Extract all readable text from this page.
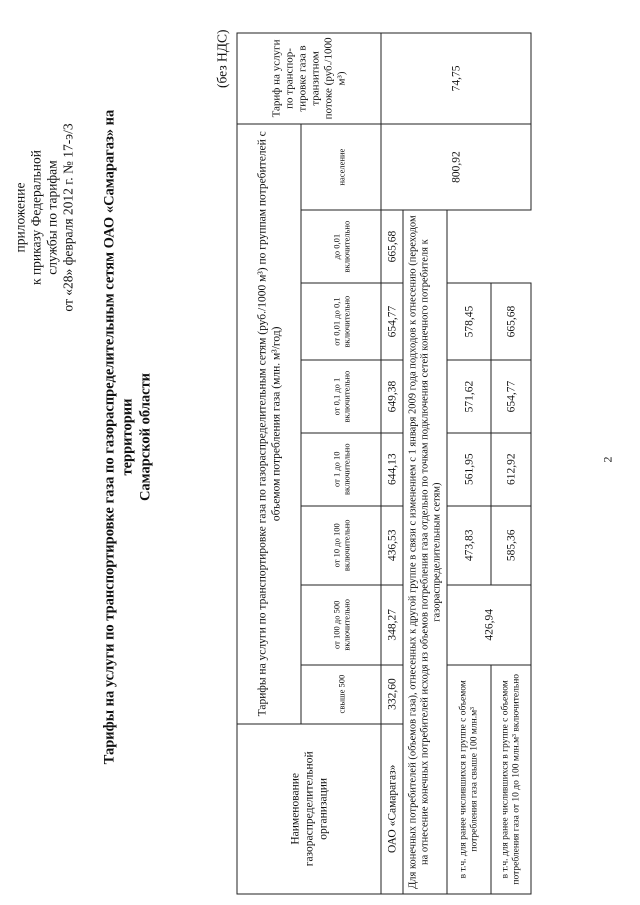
приложение к приказу Федеральной службы по тарифам от «28» февраля 2012 г. № 17-э/3 Тарифы на услуги по транспортировке газа по газораспределительным сетям ОАО «Самарагаз» на территории Самарской области
(без НДС)
Наименование газораспределительной организации	Тарифы на услуги по транспортировке газа по газораспределительным сетям (руб./1000 м³) по группам потребителей с объемом потребления газа (млн. м³/год)								Тариф на услуги по транспор-тировке газа в транзитном потоке (руб./1000 м³)
	свыше 500	от 100 до 500 включительно	от 10 до 100 включительно	от 1 до 10 включительно	от 0,1 до 1 включительно	от 0,01 до 0,1 включительно	до 0,01 включительно	население	
ОАО «Самарагаз»	332,60	348,27	436,53	644,13	649,38	654,77	665,68	800,92	74,75
Для конечных потребителей (объемов газа), отнесенных к другой группе в связи с изменением с 1 января 2009 года подходов к отнесению (переходом на отнесение конечных потребителей исходя из объемов потребления газа отдельно по точкам подключения сетей конечного потребителя к газораспределительным сетям)									
в т.ч. для ранее числившихся в группе с объемом потребления газа свыше 100 млн.м³		426,94	473,83	561,95	571,62	578,45			
в т.ч. для ранее числившихся в группе с объемом потребления газа от 10 до 100 млн.м³ включительно			585,36	612,92	654,77	665,68			
2
